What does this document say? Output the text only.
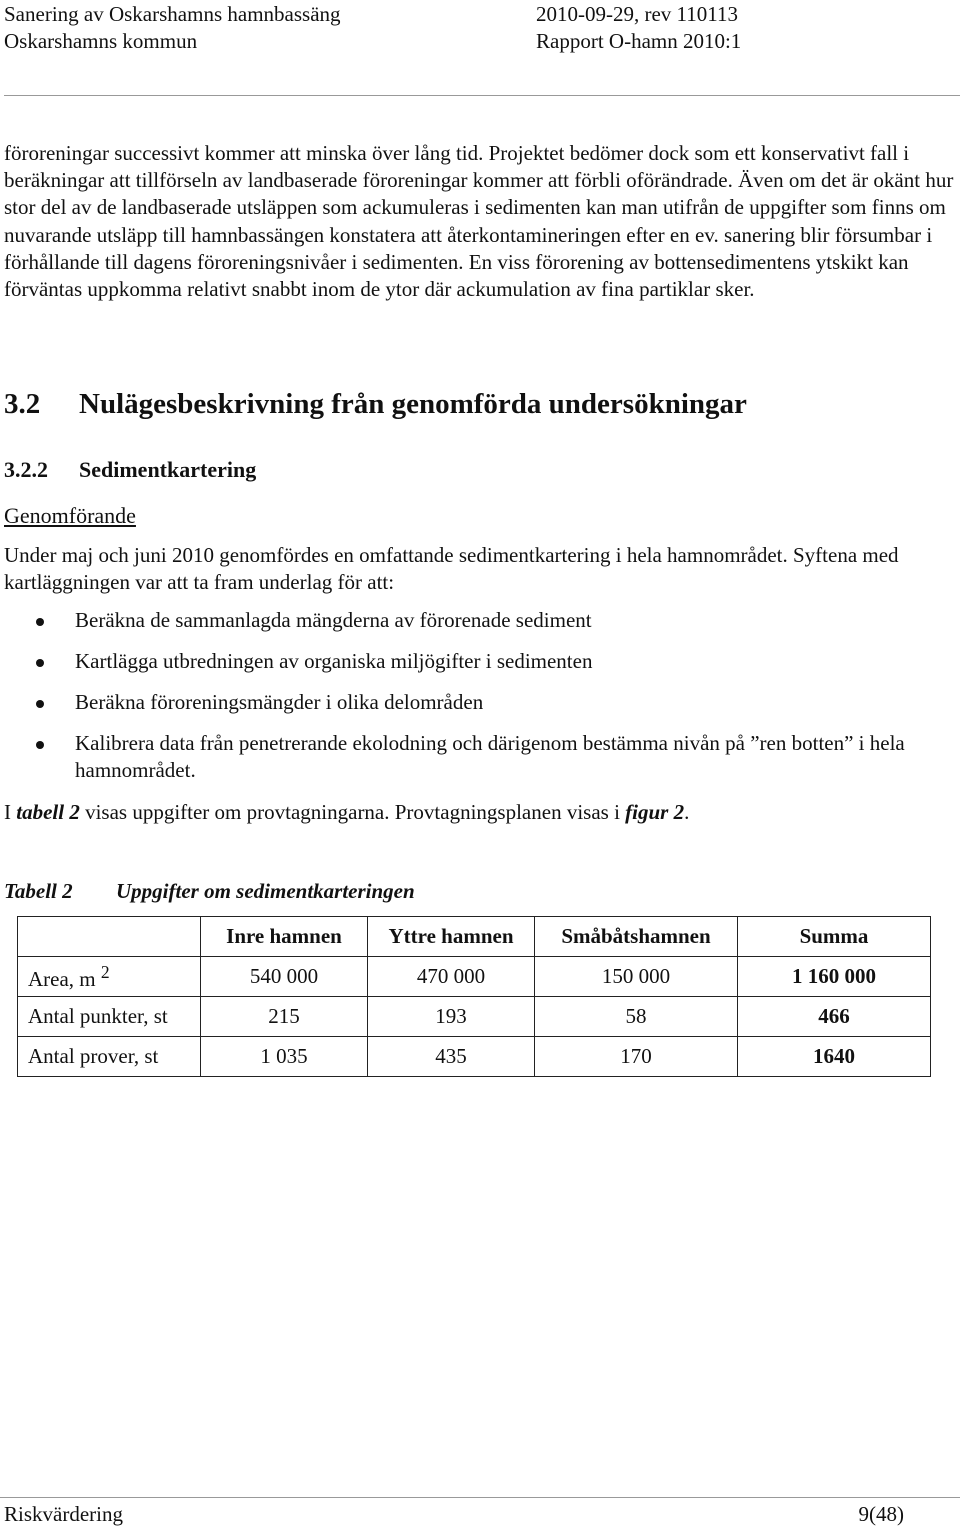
Sanering av Oskarshamns hamnbassäng
Oskarshamns kommun
2010-09-29, rev 110113
Rapport O-hamn 2010:1

föroreningar successivt kommer att minska över lång tid. Projektet bedömer dock som ett konservativt fall i beräkningar att tillförseln av landbaserade föroreningar kommer att förbli oförändrade. Även om det är okänt hur stor del av de landbaserade utsläppen som ackumuleras i sedimenten kan man utifrån de uppgifter som finns om nuvarande utsläpp till hamnbassängen konstatera att återkontamineringen efter en ev. sanering blir försumbar i förhållande till dagens föroreningsnivåer i sedimenten. En viss förorening av bottensedimentens ytskikt kan förväntas uppkomma relativt snabbt inom de ytor där ackumulation av fina partiklar sker.

3.2 Nulägesbeskrivning från genomförda undersökningar
3.2.2 Sedimentkartering
Genomförande

Under maj och juni 2010 genomfördes en omfattande sedimentkartering i hela hamnområdet. Syftena med kartläggningen var att ta fram underlag för att:

Beräkna de sammanlagda mängderna av förorenade sediment
Kartlägga utbredningen av organiska miljögifter i sedimenten
Beräkna föroreningsmängder i olika delområden
Kalibrera data från penetrerande ekolodning och därigenom bestämma nivån på ”ren botten” i hela hamnområdet.
I tabell 2 visas uppgifter om provtagningarna. Provtagningsplanen visas i figur 2.
Tabell 2 Uppgifter om sedimentkarteringen
	Inre hamnen	Yttre hamnen	Småbåtshamnen	Summa
Area, m $^2$	540 000	470 000	150 000	1 160 000
Antal punkter, st	215	193	58	466
Antal prover, st	1 035	435	170	1640
Riskvärdering	9(48)
